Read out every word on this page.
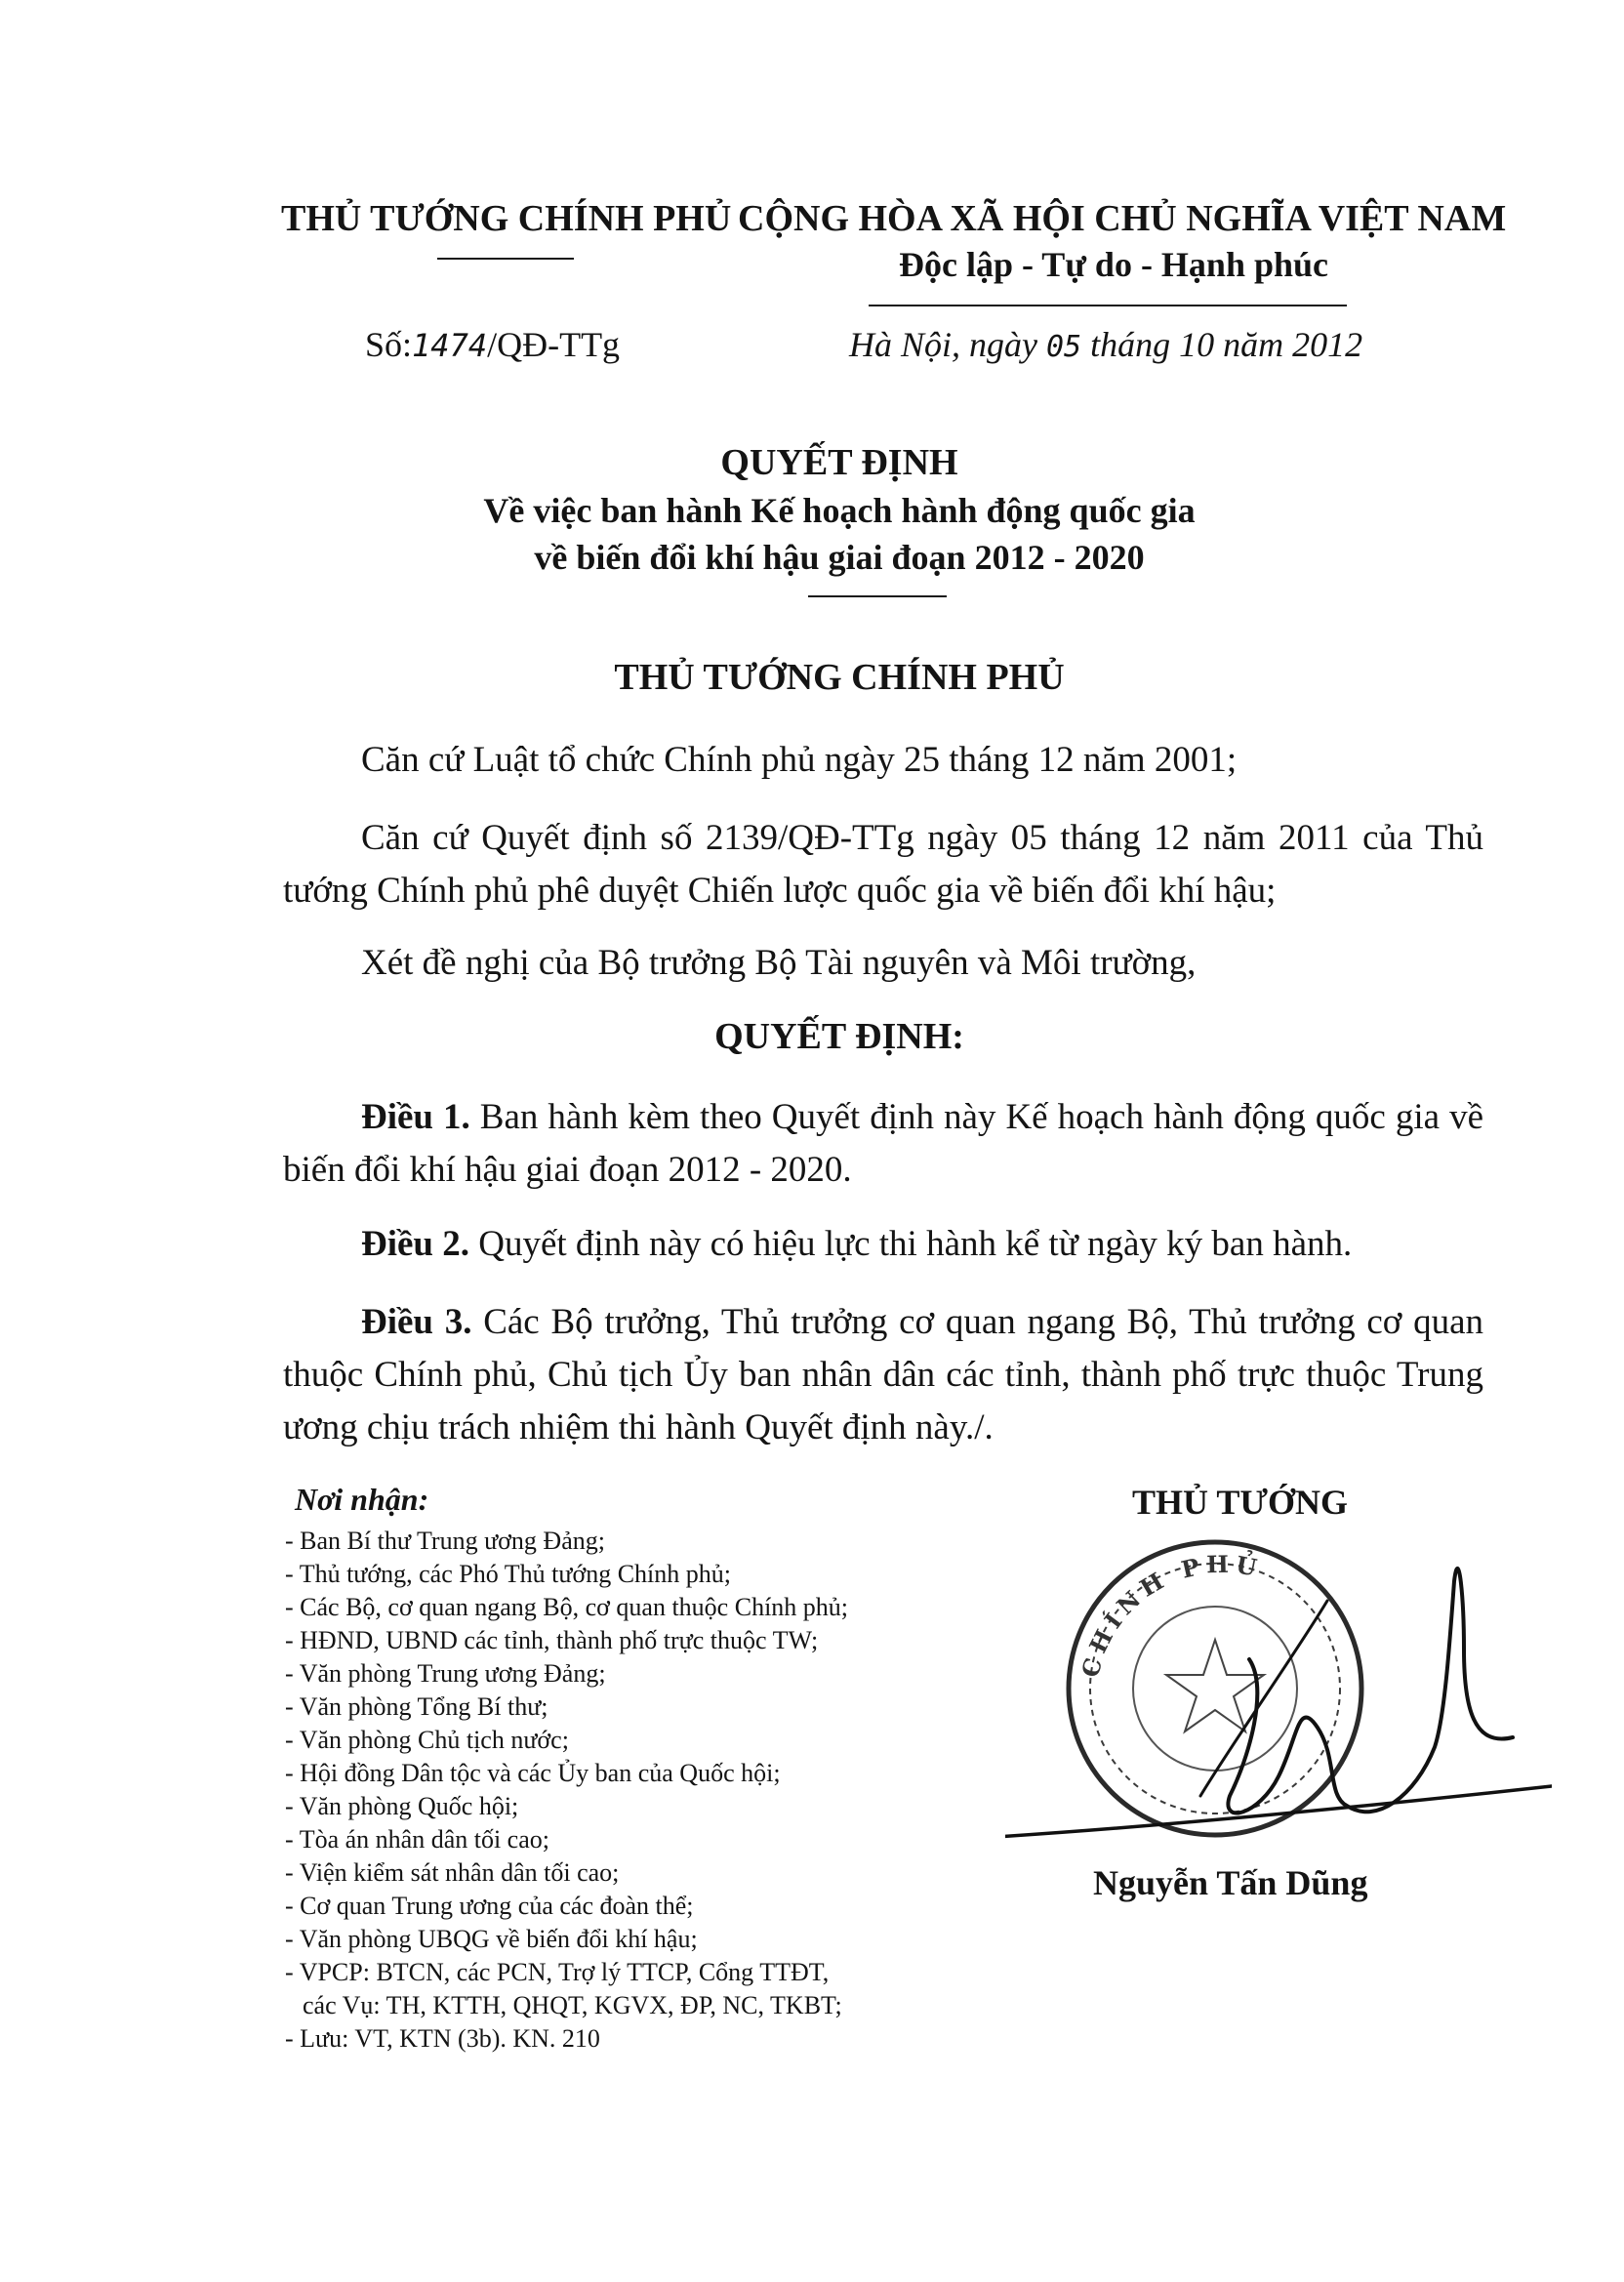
THỦ TƯỚNG CHÍNH PHỦ CỘNG HÒA XÃ HỘI CHỦ NGHĨA VIỆT NAM
Độc lập - Tự do - Hạnh phúc
Số:1474/QĐ-TTg	Hà Nội, ngày 05 tháng 10 năm 2012
QUYẾT ĐỊNH
Về việc ban hành Kế hoạch hành động quốc gia
về biến đổi khí hậu giai đoạn 2012 - 2020
THỦ TƯỚNG CHÍNH PHỦ
Căn cứ Luật tổ chức Chính phủ ngày 25 tháng 12 năm 2001;
Căn cứ Quyết định số 2139/QĐ-TTg ngày 05 tháng 12 năm 2011 của Thủ tướng Chính phủ phê duyệt Chiến lược quốc gia về biến đổi khí hậu;
Xét đề nghị của Bộ trưởng Bộ Tài nguyên và Môi trường,
QUYẾT ĐỊNH:
Điều 1. Ban hành kèm theo Quyết định này Kế hoạch hành động quốc gia về biến đổi khí hậu giai đoạn 2012 - 2020.
Điều 2. Quyết định này có hiệu lực thi hành kể từ ngày ký ban hành.
Điều 3. Các Bộ trưởng, Thủ trưởng cơ quan ngang Bộ, Thủ trưởng cơ quan thuộc Chính phủ, Chủ tịch Ủy ban nhân dân các tỉnh, thành phố trực thuộc Trung ương chịu trách nhiệm thi hành Quyết định này./.
Nơi nhận:
- Ban Bí thư Trung ương Đảng;
- Thủ tướng, các Phó Thủ tướng Chính phủ;
- Các Bộ, cơ quan ngang Bộ, cơ quan thuộc Chính phủ;
- HĐND, UBND các tỉnh, thành phố trực thuộc TW;
- Văn phòng Trung ương Đảng;
- Văn phòng Tổng Bí thư;
- Văn phòng Chủ tịch nước;
- Hội đồng Dân tộc và các Ủy ban của Quốc hội;
- Văn phòng Quốc hội;
- Tòa án nhân dân tối cao;
- Viện kiểm sát nhân dân tối cao;
- Cơ quan Trung ương của các đoàn thể;
- Văn phòng UBQG về biến đổi khí hậu;
- VPCP: BTCN, các PCN, Trợ lý TTCP, Cổng TTĐT,
các Vụ: TH, KTTH, QHQT, KGVX, ĐP, NC, TKBT;
- Lưu: VT, KTN (3b). KN. 210
THỦ TƯỚNG
CHÍNH PHỦ
Nguyễn Tấn Dũng
